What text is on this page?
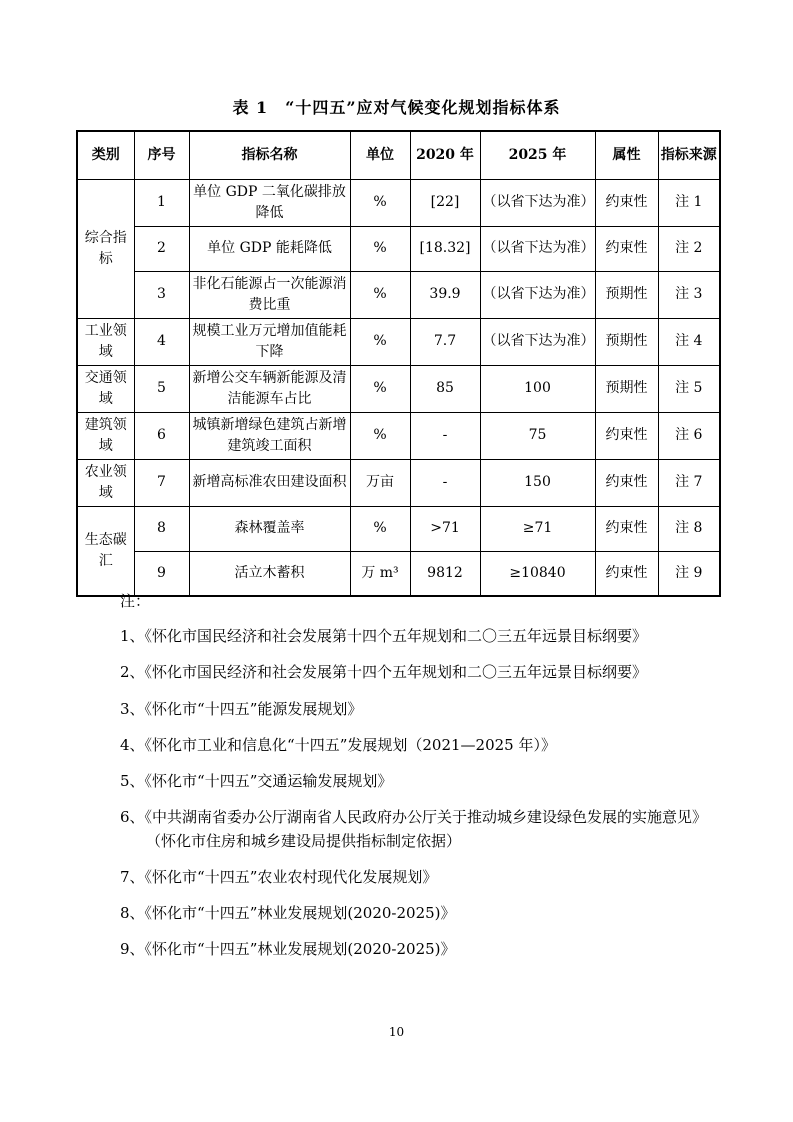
表 1　“十四五”应对气候变化规划指标体系
类别	序号	指标名称	单位	2020 年	2025 年	属性	指标来源
综合指标	1	单位 GDP 二氧化碳排放降低	%	[22]	（以省下达为准）	约束性	注 1
	2	单位 GDP 能耗降低	%	[18.32]	（以省下达为准）	约束性	注 2
	3	非化石能源占一次能源消费比重	%	39.9	（以省下达为准）	预期性	注 3
工业领域	4	规模工业万元增加值能耗下降	%	7.7	（以省下达为准）	预期性	注 4
交通领域	5	新增公交车辆新能源及清洁能源车占比	%	85	100	预期性	注 5
建筑领域	6	城镇新增绿色建筑占新增建筑竣工面积	%	-	75	约束性	注 6
农业领域	7	新增高标准农田建设面积	万亩	-	150	约束性	注 7
生态碳汇	8	森林覆盖率	%	>71	≥71	约束性	注 8
	9	活立木蓄积	万 m³	9812	≥10840	约束性	注 9
注：
1、《怀化市国民经济和社会发展第十四个五年规划和二〇三五年远景目标纲要》
2、《怀化市国民经济和社会发展第十四个五年规划和二〇三五年远景目标纲要》
3、《怀化市“十四五”能源发展规划》
4、《怀化市工业和信息化“十四五”发展规划（2021—2025 年）》
5、《怀化市“十四五”交通运输发展规划》
6、《中共湖南省委办公厅湖南省人民政府办公厅关于推动城乡建设绿色发展的实施意见》（怀化市住房和城乡建设局提供指标制定依据）
7、《怀化市“十四五”农业农村现代化发展规划》
8、《怀化市“十四五”林业发展规划(2020-2025)》
9、《怀化市“十四五”林业发展规划(2020-2025)》
10
